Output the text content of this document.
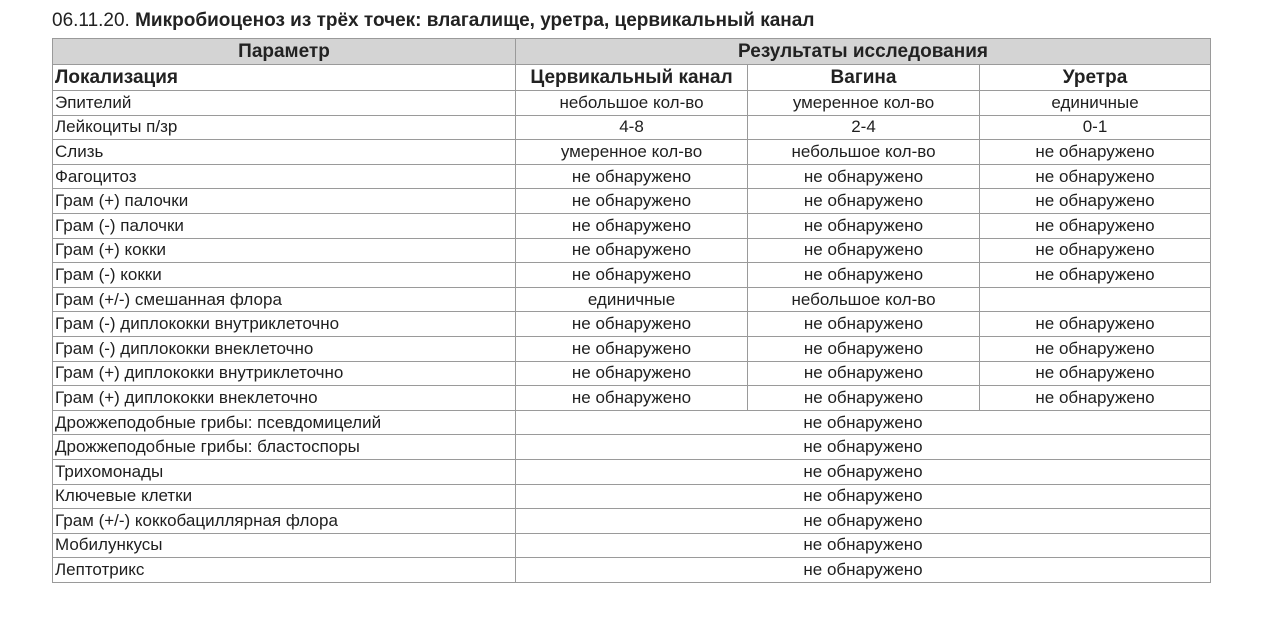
06.11.20. Микробиоценоз из трёх точек: влагалище, уретра, цервикальный канал
Параметр	Результаты исследования		
Локализация	Цервикальный канал	Вагина	Уретра
Эпителий	небольшое кол-во	умеренное кол-во	единичные
Лейкоциты п/зр	4-8	2-4	0-1
Слизь	умеренное кол-во	небольшое кол-во	не обнаружено
Фагоцитоз	не обнаружено	не обнаружено	не обнаружено
Грам (+) палочки	не обнаружено	не обнаружено	не обнаружено
Грам (-) палочки	не обнаружено	не обнаружено	не обнаружено
Грам (+) кокки	не обнаружено	не обнаружено	не обнаружено
Грам (-) кокки	не обнаружено	не обнаружено	не обнаружено
Грам (+/-) смешанная флора	единичные	небольшое кол-во	
Грам (-) диплококки внутриклеточно	не обнаружено	не обнаружено	не обнаружено
Грам (-) диплококки внеклеточно	не обнаружено	не обнаружено	не обнаружено
Грам (+) диплококки внутриклеточно	не обнаружено	не обнаружено	не обнаружено
Грам (+) диплококки внеклеточно	не обнаружено	не обнаружено	не обнаружено
Дрожжеподобные грибы: псевдомицелий	не обнаружено		
Дрожжеподобные грибы: бластоспоры	не обнаружено		
Трихомонады	не обнаружено		
Ключевые клетки	не обнаружено		
Грам (+/-) коккобациллярная флора	не обнаружено		
Мобилункусы	не обнаружено		
Лептотрикс	не обнаружено		
